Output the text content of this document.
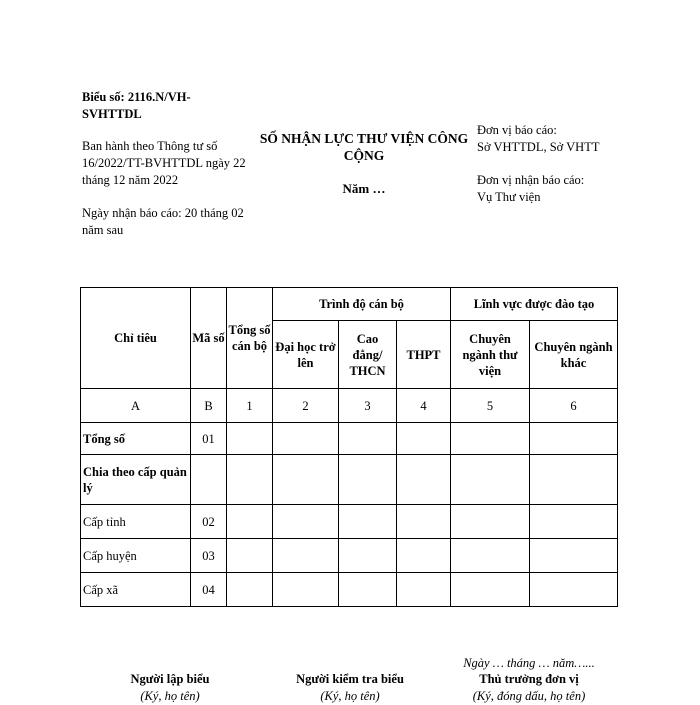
Biểu số: 2116.N/VH-SVHTTDL
Ban hành theo Thông tư số 16/2022/TT-BVHTTDL ngày 22 tháng 12 năm 2022
Ngày nhận báo cáo: 20 tháng 02 năm sau
SỐ NHẬN LỰC THƯ VIỆN CÔNG CỘNG
Năm …
Đơn vị báo cáo:
Sở VHTTDL, Sở VHTT
Đơn vị nhận báo cáo:
Vụ Thư viện
Chỉ tiêu	Mã số	Tổng số cán bộ	Trình độ cán bộ			Lĩnh vực được đào tạo	
			Đại học trở lên	Cao đẳng/ THCN	THPT	Chuyên ngành thư viện	Chuyên ngành khác
A	B	1	2	3	4	5	6
Tổng số	01						
Chia theo cấp quản lý							
Cấp tỉnh	02						
Cấp huyện	03						
Cấp xã	04						
Ngày … tháng … năm…...
Người lập biểu
(Ký, họ tên)
Người kiểm tra biểu
(Ký, họ tên)
Thủ trưởng đơn vị
(Ký, đóng dấu, họ tên)
